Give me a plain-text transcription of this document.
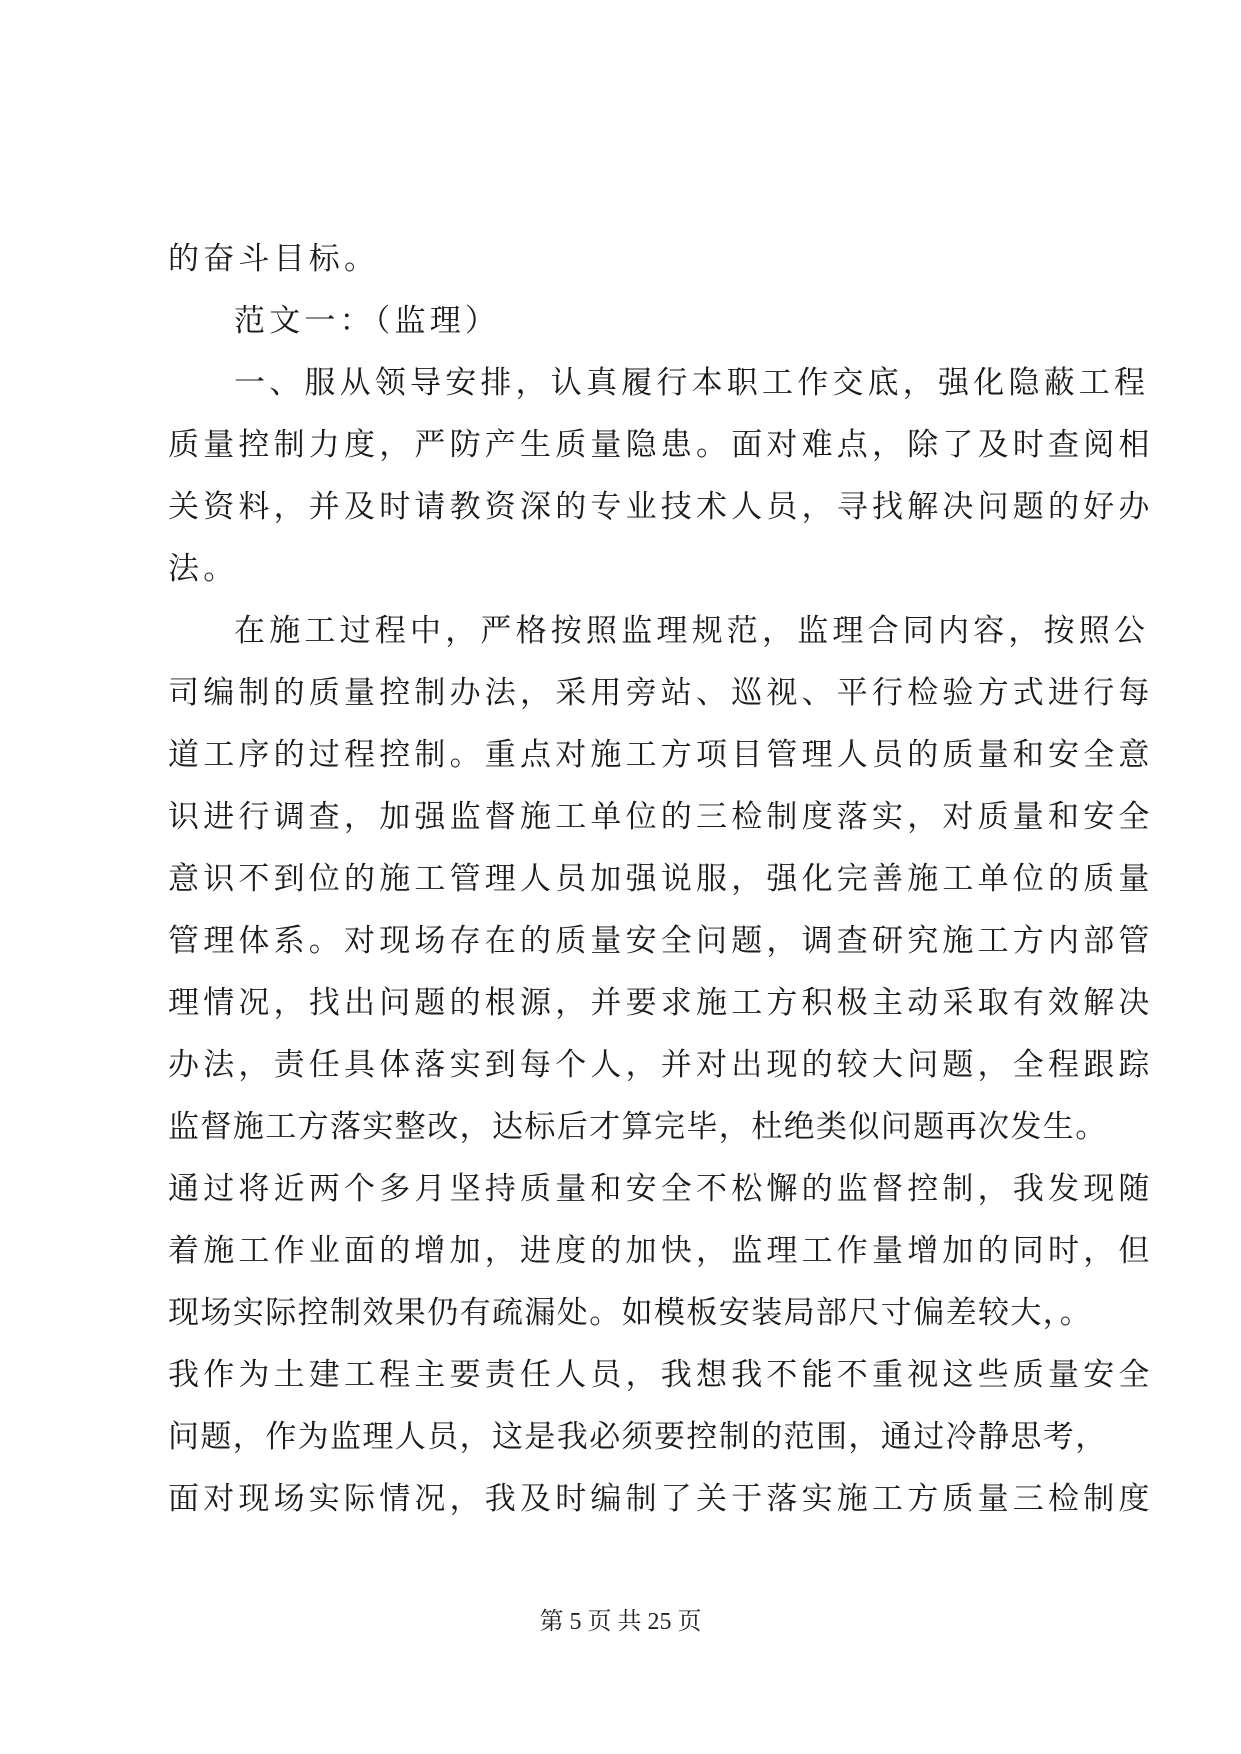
的奋斗目标。
范文一：（监理）
一、服从领导安排，认真履行本职工作交底，强化隐蔽工程
质量控制力度，严防产生质量隐患。面对难点，除了及时查阅相
关资料，并及时请教资深的专业技术人员，寻找解决问题的好办
法。
在施工过程中，严格按照监理规范，监理合同内容，按照公
司编制的质量控制办法，采用旁站、巡视、平行检验方式进行每
道工序的过程控制。重点对施工方项目管理人员的质量和安全意
识进行调查，加强监督施工单位的三检制度落实，对质量和安全
意识不到位的施工管理人员加强说服，强化完善施工单位的质量
管理体系。对现场存在的质量安全问题，调查研究施工方内部管
理情况，找出问题的根源，并要求施工方积极主动采取有效解决
办法，责任具体落实到每个人，并对出现的较大问题，全程跟踪
监督施工方落实整改，达标后才算完毕，杜绝类似问题再次发生。
通过将近两个多月坚持质量和安全不松懈的监督控制，我发现随
着施工作业面的增加，进度的加快，监理工作量增加的同时，但
现场实际控制效果仍有疏漏处。如模板安装局部尺寸偏差较大，。
我作为土建工程主要责任人员，我想我不能不重视这些质量安全
问题，作为监理人员，这是我必须要控制的范围，通过冷静思考，
面对现场实际情况，我及时编制了关于落实施工方质量三检制度
第 5 页 共 25 页
